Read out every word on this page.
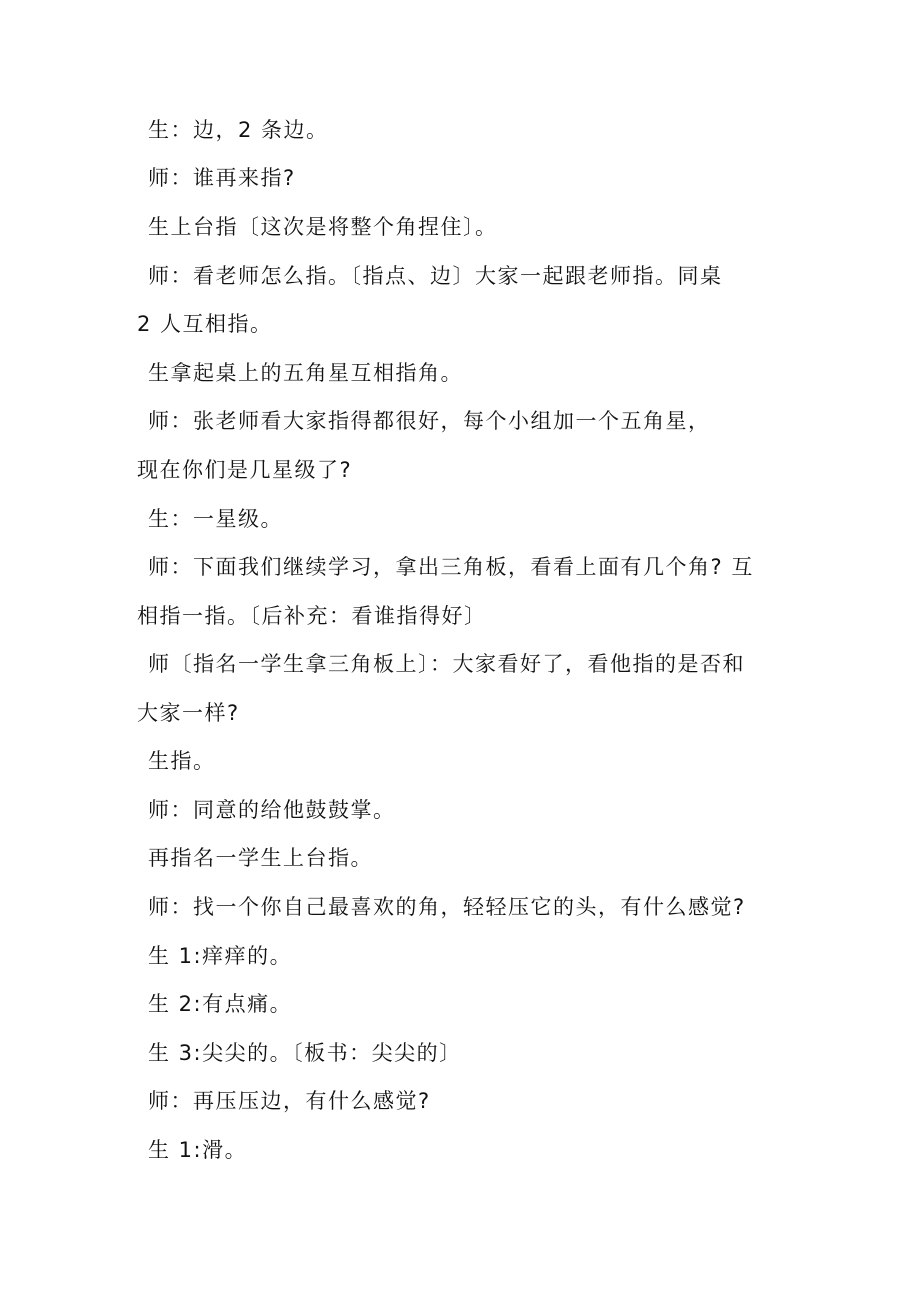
生：边，2 条边。
师：谁再来指?
生上台指〔这次是将整个角捏住〕。
师：看老师怎么指。〔指点、边〕大家一起跟老师指。同桌
2 人互相指。
生拿起桌上的五角星互相指角。
师：张老师看大家指得都很好，每个小组加一个五角星，
现在你们是几星级了?
生：一星级。
师：下面我们继续学习，拿出三角板，看看上面有几个角? 互
相指一指。〔后补充：看谁指得好〕
师〔指名一学生拿三角板上〕：大家看好了，看他指的是否和
大家一样?
生指。
师：同意的给他鼓鼓掌。
再指名一学生上台指。
师：找一个你自己最喜欢的角，轻轻压它的头，有什么感觉?
生 1:痒痒的。
生 2:有点痛。
生 3:尖尖的。〔板书：尖尖的〕
师：再压压边，有什么感觉?
生 1:滑。
